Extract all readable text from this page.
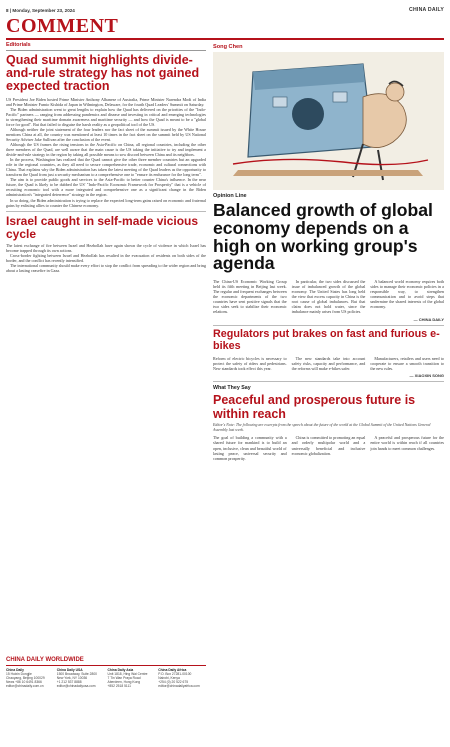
8 | Monday, September 23, 2024	CHINA DAILY
COMMENT
Editorials
Quad summit highlights divide-and-rule strategy has not gained expected traction

US President Joe Biden hosted Prime Minister Anthony Albanese of Australia, Prime Minister Narendra Modi of India and Prime Minister Fumio Kishida of Japan in Wilmington, Delaware, for the fourth Quad Leaders' Summit on Saturday.

The Biden administration went to great lengths to explain how the Quad has delivered on the priorities of the "Indo-Pacific" partners — ranging from addressing pandemics and disease and investing in critical and emerging technologies to strengthening their maritime domain awareness and maritime security — and how the Quad is meant to be a "global force for good". But that failed to disguise the harsh reality as a geopolitical tool of the US.

Although neither the joint statement of the four leaders nor the fact sheet of the summit issued by the White House mentions China at all, the country was mentioned at least 10 times in the fact sheet on the summit held by US National Security Adviser Jake Sullivan after the conclusion of the event.

Although the US frames the rising tensions in the Asia-Pacific on China, all regional countries, including the other three members of the Quad, are well aware that the main cause is the US taking the initiative to try and implement a divide-and-rule strategy in the region by taking all possible means to sow discord between China and its neighbors.

In the process, Washington has realized that the Quad cannot give the other three member countries but an upgraded role in the regional countries, as they all need to secure comprehensive trade, economic and cultural connections with China. That explains why the Biden administration has taken the latest meeting of the Quad leaders as the opportunity to transform the Quad from just a security mechanism to a comprehensive one to "ensure its endurance for the long term".

The aim is to provide public goods and services to the Asia-Pacific to better counter China's influence. In the near future, the Quad is likely to be dubbed the US' "Indo-Pacific Economic Framework for Prosperity" that is a vehicle of recruiting economic tool with a more integrated and comprehensive one as a significant change in the Biden administration's "integrated deterrence" strategy in the region.

In so doing, the Biden administration is trying to replace the expected long-term gains raised on economic and fraternal gains by enlisting allies to counter the Chinese economy.

Israel caught in self-made vicious cycle

The latest exchange of fire between Israel and Hezbollah have again shown the cycle of violence in which Israel has become trapped through its own actions.

Cross-border fighting between Israel and Hezbollah has resulted in the evacuation of residents on both sides of the border, and the conflict has recently intensified.

The international community should make every effort to stop the conflict from spreading to the wider region and bring about a lasting ceasefire in Gaza.

Song Chen
Opinion Line
Balanced growth of global economy depends on a high on working group's agenda

The China-US Economic Working Group held its fifth meeting in Beijing last week. The regular and frequent exchanges between the economic departments of the two countries have sent positive signals that the two sides seek to stabilize their economic relations.

In particular, the two sides discussed the issue of imbalanced growth of the global economy. The United States has long held the view that excess capacity in China is the root cause of global imbalances. But that claim does not hold water, since the imbalance mainly arises from US policies.

A balanced world economy requires both sides to manage their economic policies in a responsible way, to strengthen communication and to avoid steps that undermine the shared interests of the global economy.

— CHINA DAILY
Regulators put brakes on fast and furious e-bikes

Reform of electric bicycles is necessary to protect the safety of riders and pedestrians. New standards took effect this year.

The new standards take into account safety risks, capacity and performance, and the reforms will make e-bikes safer.

Manufacturers, retailers and users need to cooperate to ensure a smooth transition to the new rules.

— XIAOXIN SONG
What They Say
Peaceful and prosperous future is within reach
Editor's Note: The following are excerpts from the speech about the future of the world at the Global Summit of the United Nations General Assembly last week.

The goal of building a community with a shared future for mankind is to build an open, inclusive, clean and beautiful world of lasting peace, universal security and common prosperity.

China is committed to promoting an equal and orderly multipolar world and a universally beneficial and inclusive economic globalization.

A peaceful and prosperous future for the entire world is within reach if all countries join hands to meet common challenges.

CHINA DAILY WORLDWIDE
China Daily
15 Huixin Dongjie
Chaoyang, Beijing 100029
News +86 10 6491 8366
editor@chinadaily.com.cn
China Daily USA
1500 Broadway, Suite 2800
New York, NY 10036
+1 212 537 8888
editor@chinadailyusa.com
China Daily Asia
Unit 1818, Hing Wai Centre
7 Tin Wan Praya Road
Aberdeen, Hong Kong
+852 2518 5111
China Daily Africa
P.O. Box 27281-00100
Nairobi, Kenya
+254 (0) 20 522 675
editor@chinadailyafrica.com
